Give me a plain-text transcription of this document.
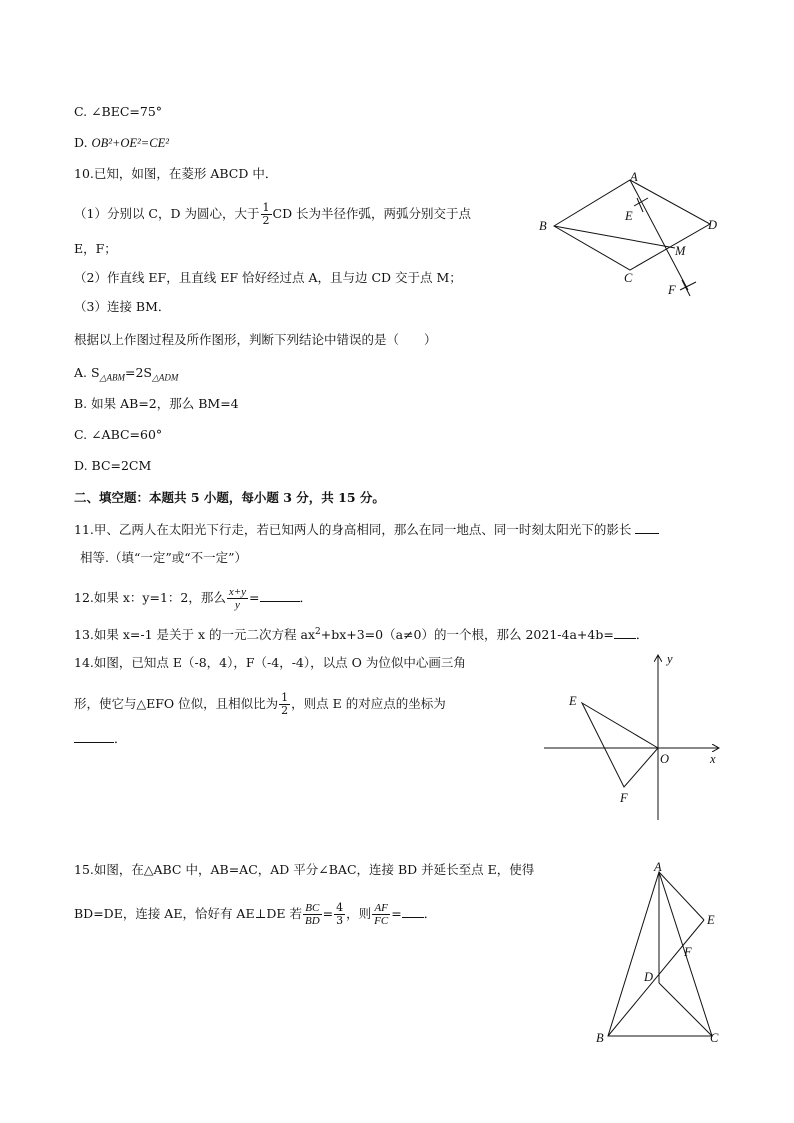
C. ∠BEC=75°
D. OB²+OE²=CE²
10.已知，如图，在菱形 ABCD 中．
（1）分别以 C，D 为圆心，大于 $\frac{1}{2}$ CD 长为半径作弧，两弧分别交于点
E，F；
（2）作直线 EF，且直线 EF 恰好经过点 A，且与边 CD 交于点 M；
（3）连接 BM．
根据以上作图过程及所作图形，判断下列结论中错误的是（　　）
A. $S_{\triangle ABM}=2S_{\triangle ADM}$
B. 如果 AB=2，那么 BM=4
C. ∠ABC=60°
D. BC=2CM
A
B
C
D
E
F
M
二、填空题：本题共 5 小题，每小题 3 分，共 15 分。
11.甲、乙两人在太阳光下行走，若已知两人的身高相同，那么在同一地点、同一时刻太阳光下的影长
相等.（填“一定”或“不一定”）
12.如果 x：y=1：2，那么 $\frac{x+y}{y}$ =	．
13.如果 x=-1 是关于 x 的一元二次方程 $ax^2+bx+3=0(a\ne 0)$的一个根，那么 2021-4a+4b= ．
14.如图，已知点 E（-8，4），F（-4，-4），以点 O 为位似中心画三角
形，使它与△EFO 位似，且相似比为 $\frac{1}{2}$ ，则点 E 的对应点的坐标为
．
y
x
O
E
F
15.如图，在△ABC 中，AB=AC，AD 平分∠BAC，连接 BD 并延长至点 E，使得
BD=DE，连接 AE，恰好有 AE⊥DE 若 $\frac{BC}{BD} = \frac{4}{3}$ ，则 $\frac{AF}{FC}$ = ．
A
B	C
D
E
F
